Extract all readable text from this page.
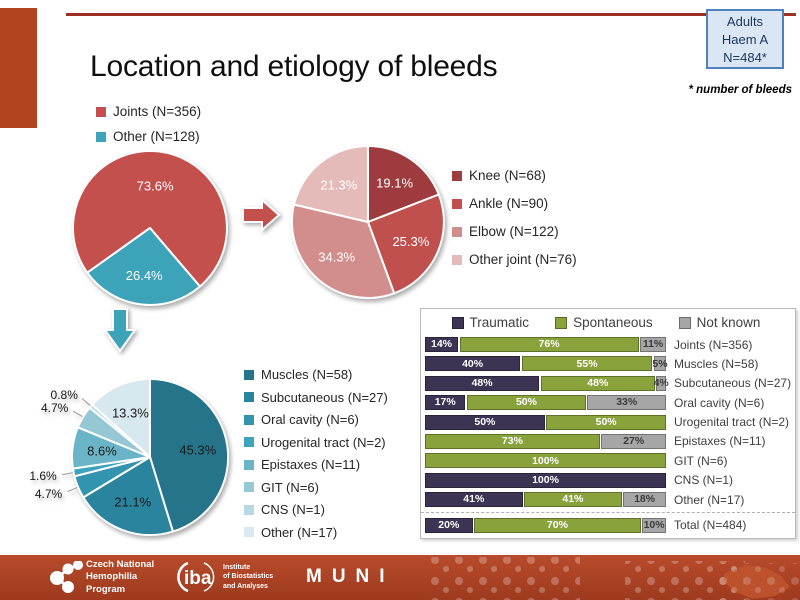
Adults
Haem A
N=484*
* number of bleeds
Location and etiology of bleeds
Joints (N=356)
Other (N=128)
Knee (N=68)
Ankle (N=90)
Elbow (N=122)
Other joint (N=76)
Muscles (N=58)
Subcutaneous (N=27)
Oral cavity (N=6)
Urogenital tract (N=2)
Epistaxes (N=11)
GIT (N=6)
CNS (N=1)
Other (N=17)
73.6%
26.4%
19.1%
25.3%
34.3%
21.3%
45.3%
21.1%
4.7%
1.6%
8.6%
4.7%
0.8%
13.3%
Traumatic	Spontaneous	Not known
14%	76%	11% Joints (N=356)
40%	55%	5% Muscles (N=58)
48%	48%	4% Subcutaneous (N=27)
17%	50%	33%	Oral cavity (N=6)
50%	50%	Urogenital tract (N=2)
73%	27% Epistaxes (N=11)
100%	GIT (N=6)
100%	CNS (N=1)
41%	41%	18% Other (N=17)
20%	70%	10% Total (N=484)
Czech National
Hemophilia
Program
iba
Institute
of Biostatistics
and Analyses MUNI
